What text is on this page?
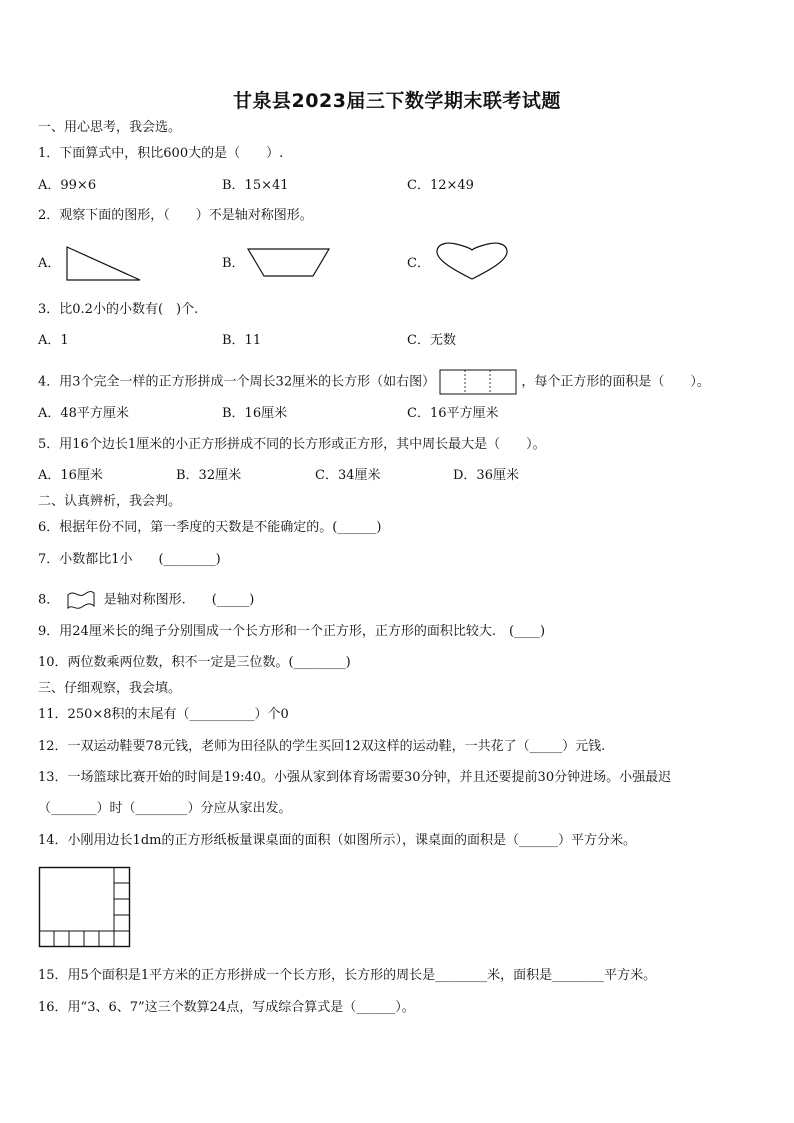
甘泉县2023届三下数学期末联考试题
一、用心思考，我会选。
1．下面算式中，积比600大的是（　　）.
A．99×6	B．15×41	C．12×49
2．观察下面的图形，（　　）不是轴对称图形。
A．	B．	C．
3．比0.2小的小数有(　)个.
A．1	B．11	C．无数
4．用3个完全一样的正方形拼成一个周长32厘米的长方形（如右图）	，每个正方形的面积是（　　）。
A．48平方厘米	B．16厘米	C．16平方厘米
5．用16个边长1厘米的小正方形拼成不同的长方形或正方形，其中周长最大是（　　）。
A．16厘米	B．32厘米	C．34厘米	D．36厘米
二、认真辨析，我会判。
6．根据年份不同，第一季度的天数是不能确定的。(______)
7．小数都比1小　　(________)
8．	是轴对称图形.　　(_____)
9．用24厘米长的绳子分别围成一个长方形和一个正方形，正方形的面积比较大.　(____)
10．两位数乘两位数，积不一定是三位数。(________)
三、仔细观察，我会填。
11．250×8积的末尾有（__________）个0
12．一双运动鞋要78元钱，老师为田径队的学生买回12双这样的运动鞋，一共花了（_____）元钱.
13．一场篮球比赛开始的时间是19:40。小强从家到体育场需要30分钟，并且还要提前30分钟进场。小强最迟
（_______）时（________）分应从家出发。
14．小刚用边长1dm的正方形纸板量课桌面的面积（如图所示），课桌面的面积是（______）平方分米。
15．用5个面积是1平方米的正方形拼成一个长方形，长方形的周长是________米，面积是________平方米。
16．用“3、6、7”这三个数算24点，写成综合算式是（______）。
